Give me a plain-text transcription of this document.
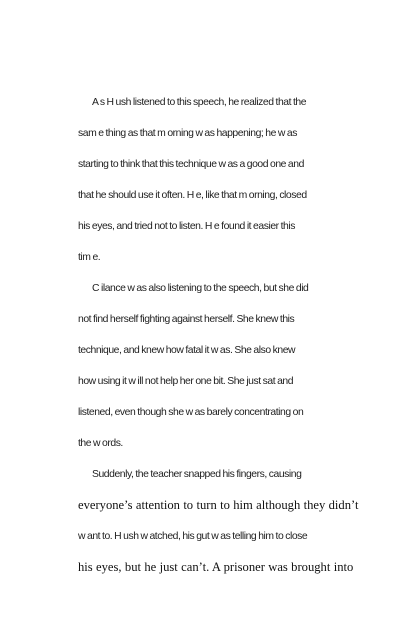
A s H ush listened to this speech, he realized that the
sam e thing as that m orning w as happening; he w as
starting to think that this technique w as a good one and
that he should use it often. H e, like that m orning, closed
his eyes, and tried not to listen. H e found it easier this
tim e.
C ilance w as also listening to the speech, but she did
not find herself fighting against herself. She knew this
technique, and knew how fatal it w as. She also knew
how using it w ill not help her one bit. She just sat and
listened, even though she w as barely concentrating on
the w ords.
Suddenly, the teacher snapped his fingers, causing
everyone’s attention to turn to him although they didn’t
w ant to. H ush w atched, his gut w as telling him to close
his eyes, but he just can’t. A prisoner was brought into
